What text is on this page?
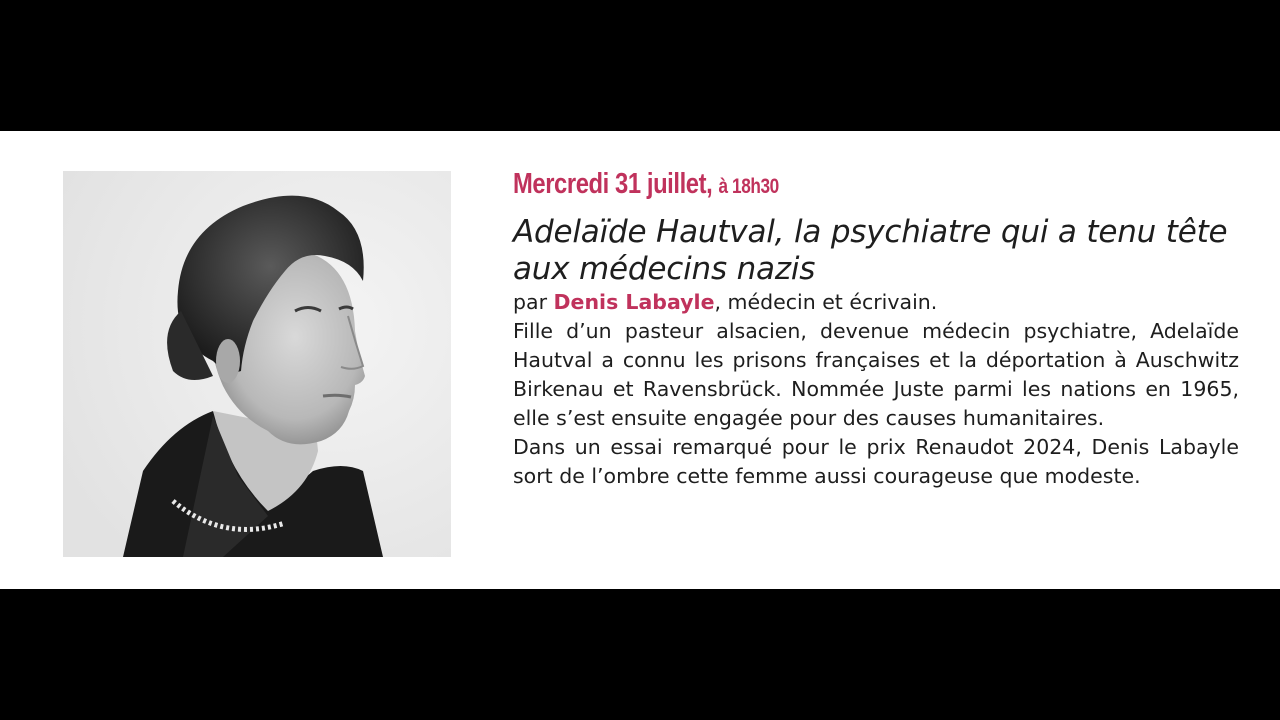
Mercredi 31 juillet, à 18h30
Adelaïde Hautval, la psychiatre qui a tenu tête aux médecins nazis
par Denis Labayle, médecin et écrivain.

Fille d’un pasteur alsacien, devenue médecin psychiatre, Adelaïde Hautval a connu les prisons françaises et la déportation à Auschwitz Birkenau et Ravensbrück. Nommée Juste parmi les nations en 1965, elle s’est ensuite engagée pour des causes humanitaires.

Dans un essai remarqué pour le prix Renaudot 2024, Denis Labayle sort de l’ombre cette femme aussi courageuse que modeste.
